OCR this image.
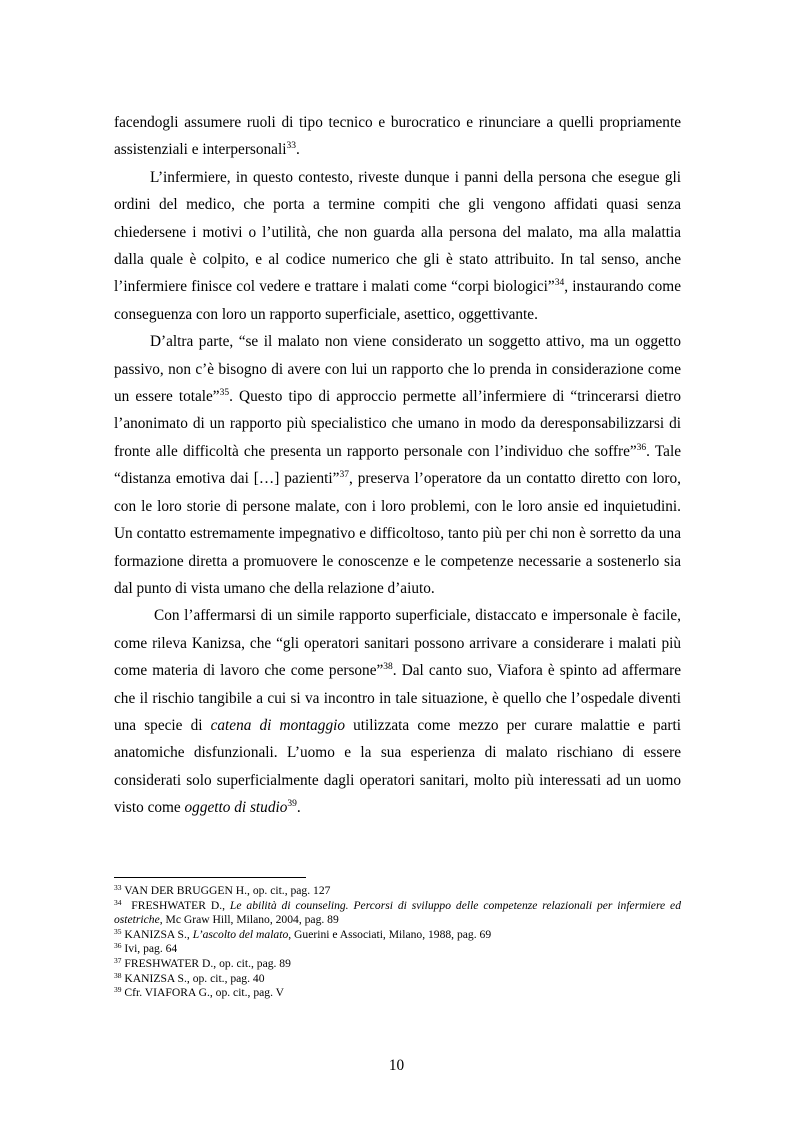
facendogli assumere ruoli di tipo tecnico e burocratico e rinunciare a quelli propriamente assistenziali e interpersonali$^{33}$.

L’infermiere, in questo contesto, riveste dunque i panni della persona che esegue gli ordini del medico, che porta a termine compiti che gli vengono affidati quasi senza chiedersene i motivi o l’utilità, che non guarda alla persona del malato, ma alla malattia dalla quale è colpito, e al codice numerico che gli è stato attribuito. In tal senso, anche l’infermiere finisce col vedere e trattare i malati come “corpi biologici”$^{34}$, instaurando come conseguenza con loro un rapporto superficiale, asettico, oggettivante.

D’altra parte, “se il malato non viene considerato un soggetto attivo, ma un oggetto passivo, non c’è bisogno di avere con lui un rapporto che lo prenda in considerazione come un essere totale”$^{35}$. Questo tipo di approccio permette all’infermiere di “trincerarsi dietro l’anonimato di un rapporto più specialistico che umano in modo da deresponsabilizzarsi di fronte alle difficoltà che presenta un rapporto personale con l’individuo che soffre”$^{36}$. Tale “distanza emotiva dai […] pazienti”$^{37}$, preserva l’operatore da un contatto diretto con loro, con le loro storie di persone malate, con i loro problemi, con le loro ansie ed inquietudini. Un contatto estremamente impegnativo e difficoltoso, tanto più per chi non è sorretto da una formazione diretta a promuovere le conoscenze e le competenze necessarie a sostenerlo sia dal punto di vista umano che della relazione d’aiuto.

Con l’affermarsi di un simile rapporto superficiale, distaccato e impersonale è facile, come rileva Kanizsa, che “gli operatori sanitari possono arrivare a considerare i malati più come materia di lavoro che come persone”$^{38}$. Dal canto suo, Viafora è spinto ad affermare che il rischio tangibile a cui si va incontro in tale situazione, è quello che l’ospedale diventi una specie di catena di montaggio utilizzata come mezzo per curare malattie e parti anatomiche disfunzionali. L’uomo e la sua esperienza di malato rischiano di essere considerati solo superficialmente dagli operatori sanitari, molto più interessati ad un uomo visto come oggetto di studio$^{39}$.

$^{33}$ VAN DER BRUGGEN H., op. cit., pag. 127

$^{34}$ FRESHWATER D., Le abilità di counseling. Percorsi di sviluppo delle competenze relazionali per infermiere ed ostetriche, Mc Graw Hill, Milano, 2004, pag. 89

$^{35}$ KANIZSA S., L’ascolto del malato, Guerini e Associati, Milano, 1988, pag. 69

$^{36}$ Ivi, pag. 64

$^{37}$ FRESHWATER D., op. cit., pag. 89

$^{38}$ KANIZSA S., op. cit., pag. 40

$^{39}$ Cfr. VIAFORA G., op. cit., pag. V

10
